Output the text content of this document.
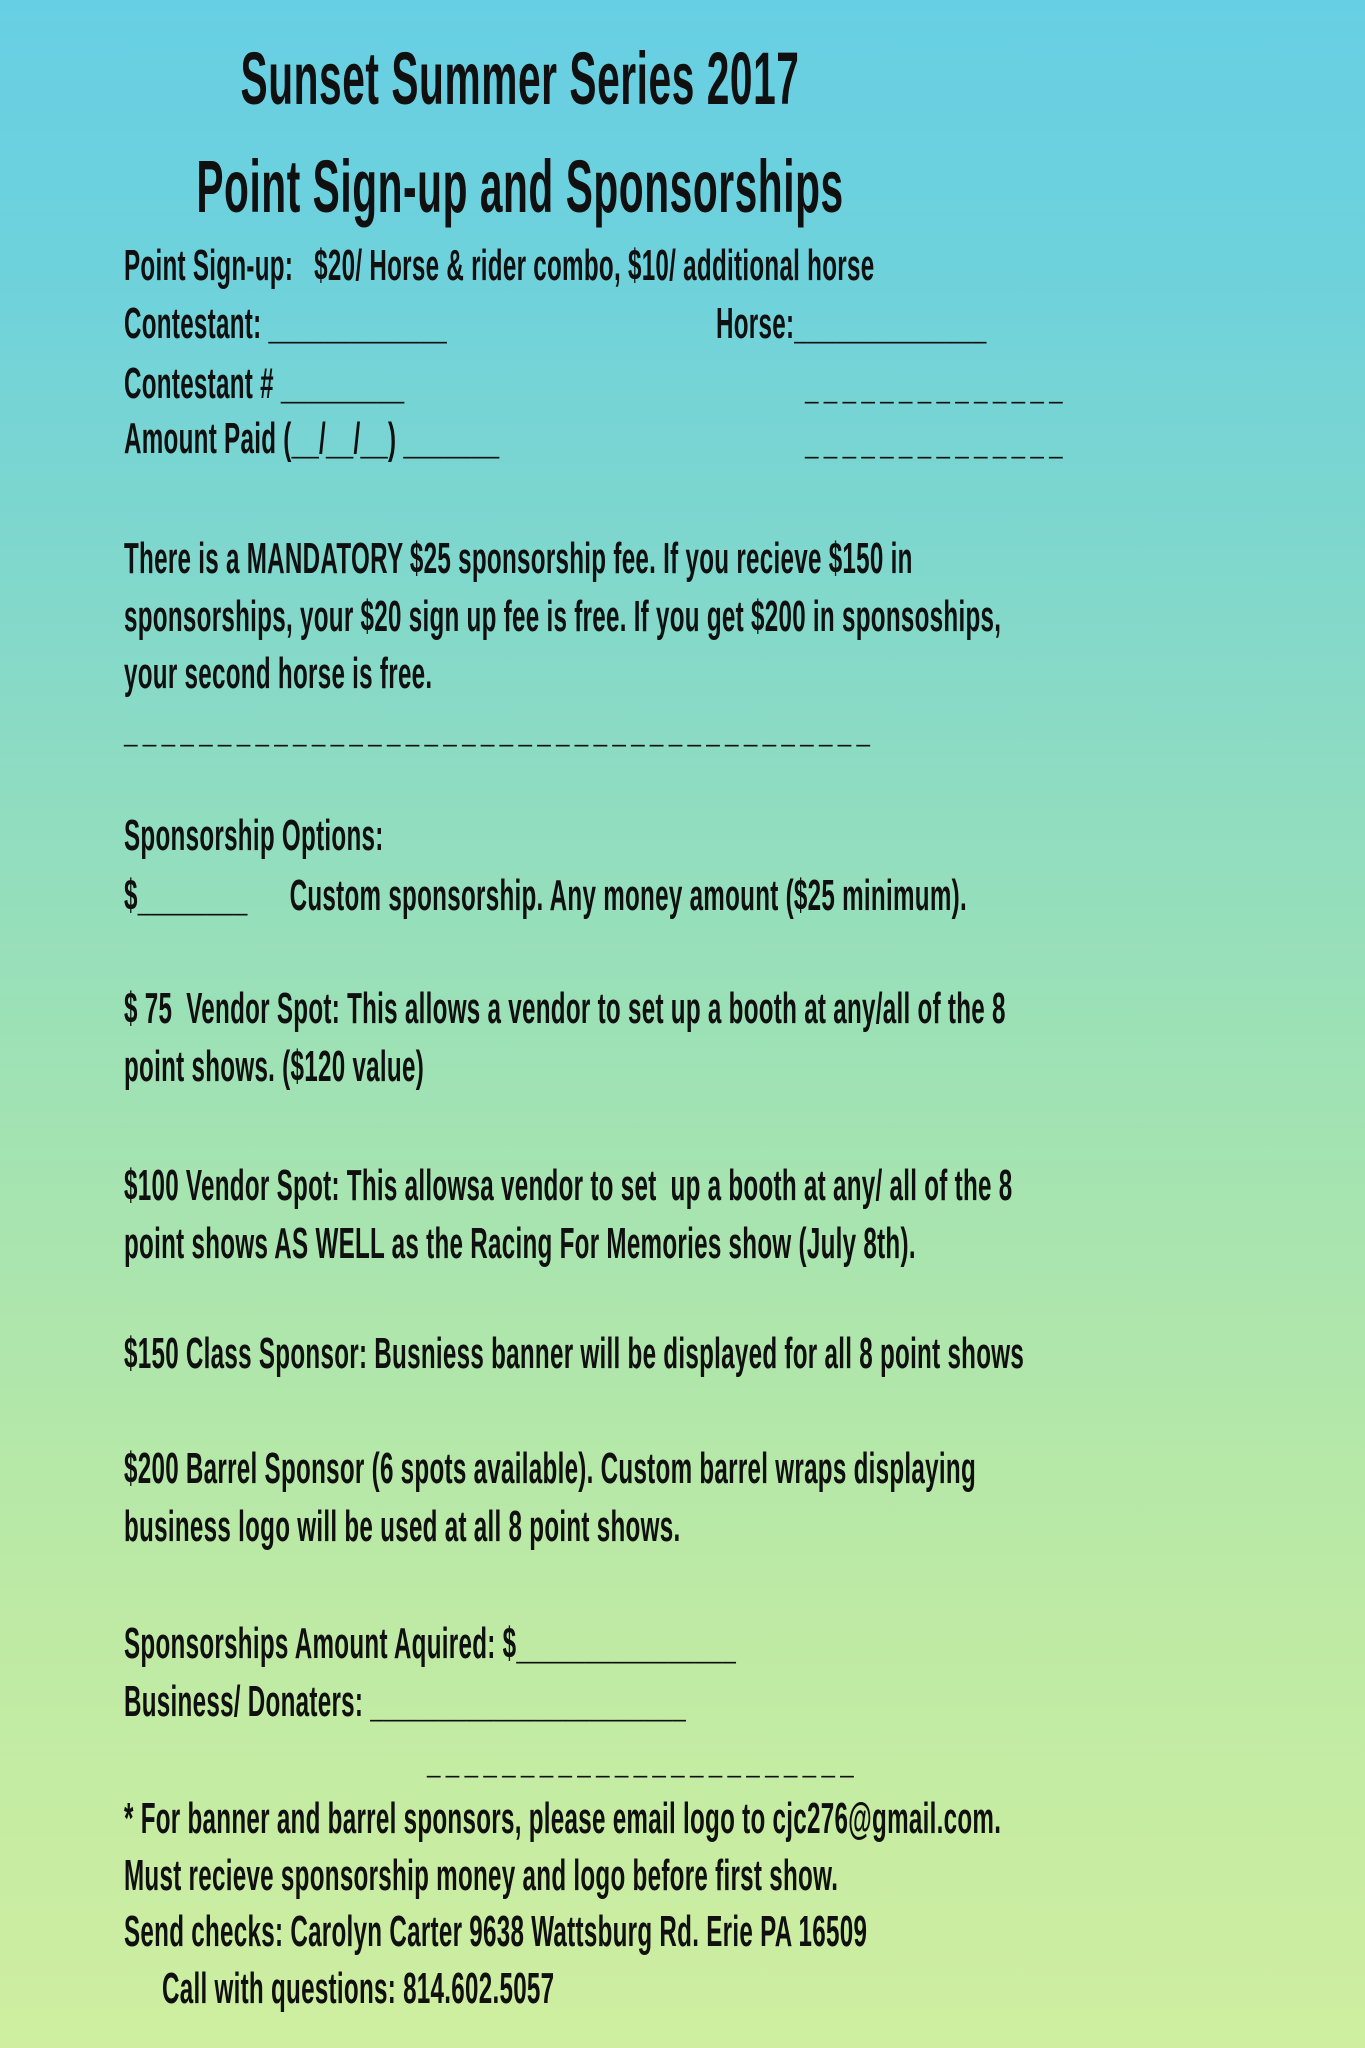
Sunset Summer Series 2017
Point Sign-up and Sponsorships
Point Sign-up:   $20/ Horse & rider combo, $10/ additional horse
Contestant: _____________	Horse:______________
Contestant # _________	______________
Amount Paid (__/__/__) _______	______________
There is a MANDATORY $25 sponsorship fee. If you recieve $150 in
sponsorships, your $20 sign up fee is free. If you get $200 in sponsoships,
your second horse is free.
________________________________________
Sponsorship Options:
$________      Custom sponsorship. Any money amount ($25 minimum).
$ 75  Vendor Spot: This allows a vendor to set up a booth at any/all of the 8
point shows. ($120 value)
$100 Vendor Spot: This allowsa vendor to set  up a booth at any/ all of the 8
point shows AS WELL as the Racing For Memories show (July 8th).
$150 Class Sponsor: Busniess banner will be displayed for all 8 point shows
$200 Barrel Sponsor (6 spots available). Custom barrel wraps displaying
business logo will be used at all 8 point shows.
Sponsorships Amount Aquired: $________________
Business/ Donaters: _______________________
_______________________
* For banner and barrel sponsors, please email logo to cjc276@gmail.com.
Must recieve sponsorship money and logo before first show.
Send checks: Carolyn Carter 9638 Wattsburg Rd. Erie PA 16509
Call with questions: 814.602.5057
